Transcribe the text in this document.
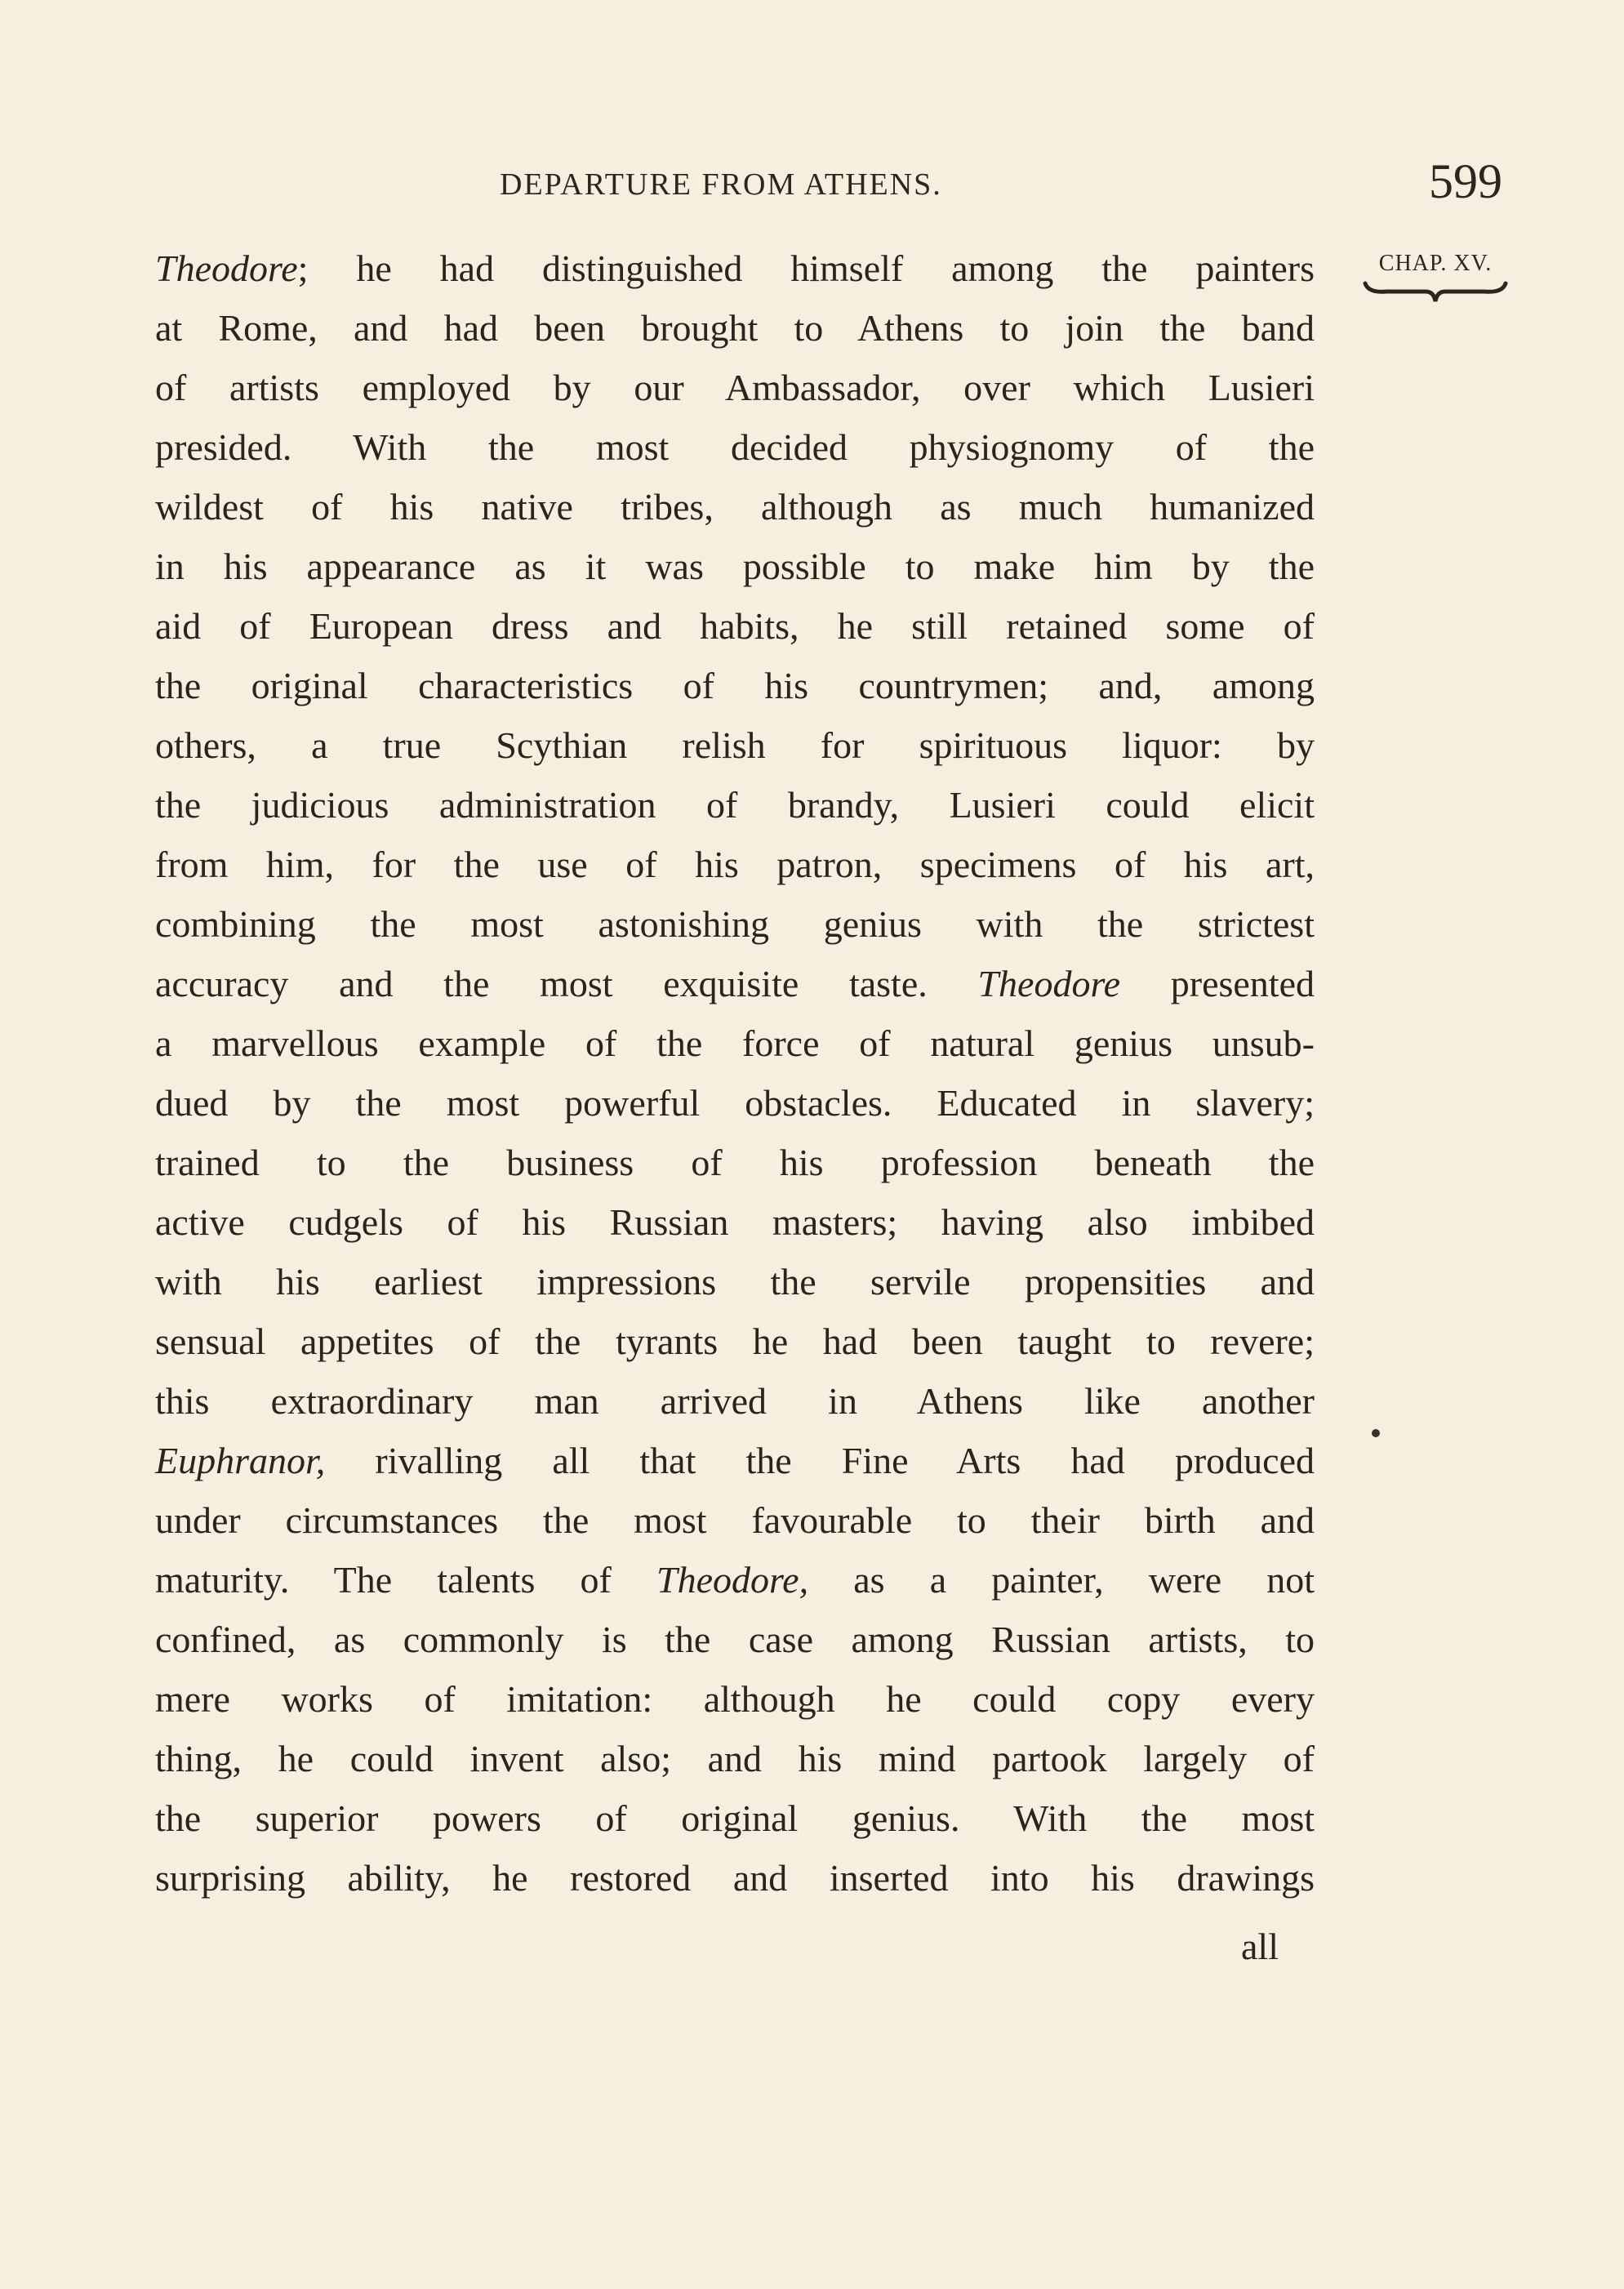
DEPARTURE FROM ATHENS.	599
CHAP. XV.
Theodore; he had distinguished himself among the painters
at Rome, and had been brought to Athens to join the band
of artists employed by our Ambassador, over which Lusieri
presided. With the most decided physiognomy of the
wildest of his native tribes, although as much humanized
in his appearance as it was possible to make him by the
aid of European dress and habits, he still retained some of
the original characteristics of his countrymen; and, among
others, a true Scythian relish for spirituous liquor: by
the judicious administration of brandy, Lusieri could elicit
from him, for the use of his patron, specimens of his art,
combining the most astonishing genius with the strictest
accuracy and the most exquisite taste. Theodore presented
a marvellous example of the force of natural genius unsub-
dued by the most powerful obstacles. Educated in slavery;
trained to the business of his profession beneath the
active cudgels of his Russian masters; having also imbibed
with his earliest impressions the servile propensities and
sensual appetites of the tyrants he had been taught to revere;
this extraordinary man arrived in Athens like another
Euphranor, rivalling all that the Fine Arts had produced
under circumstances the most favourable to their birth and
maturity. The talents of Theodore, as a painter, were not
confined, as commonly is the case among Russian artists, to
mere works of imitation: although he could copy every
thing, he could invent also; and his mind partook largely of
the superior powers of original genius. With the most
surprising ability, he restored and inserted into his drawings
all
